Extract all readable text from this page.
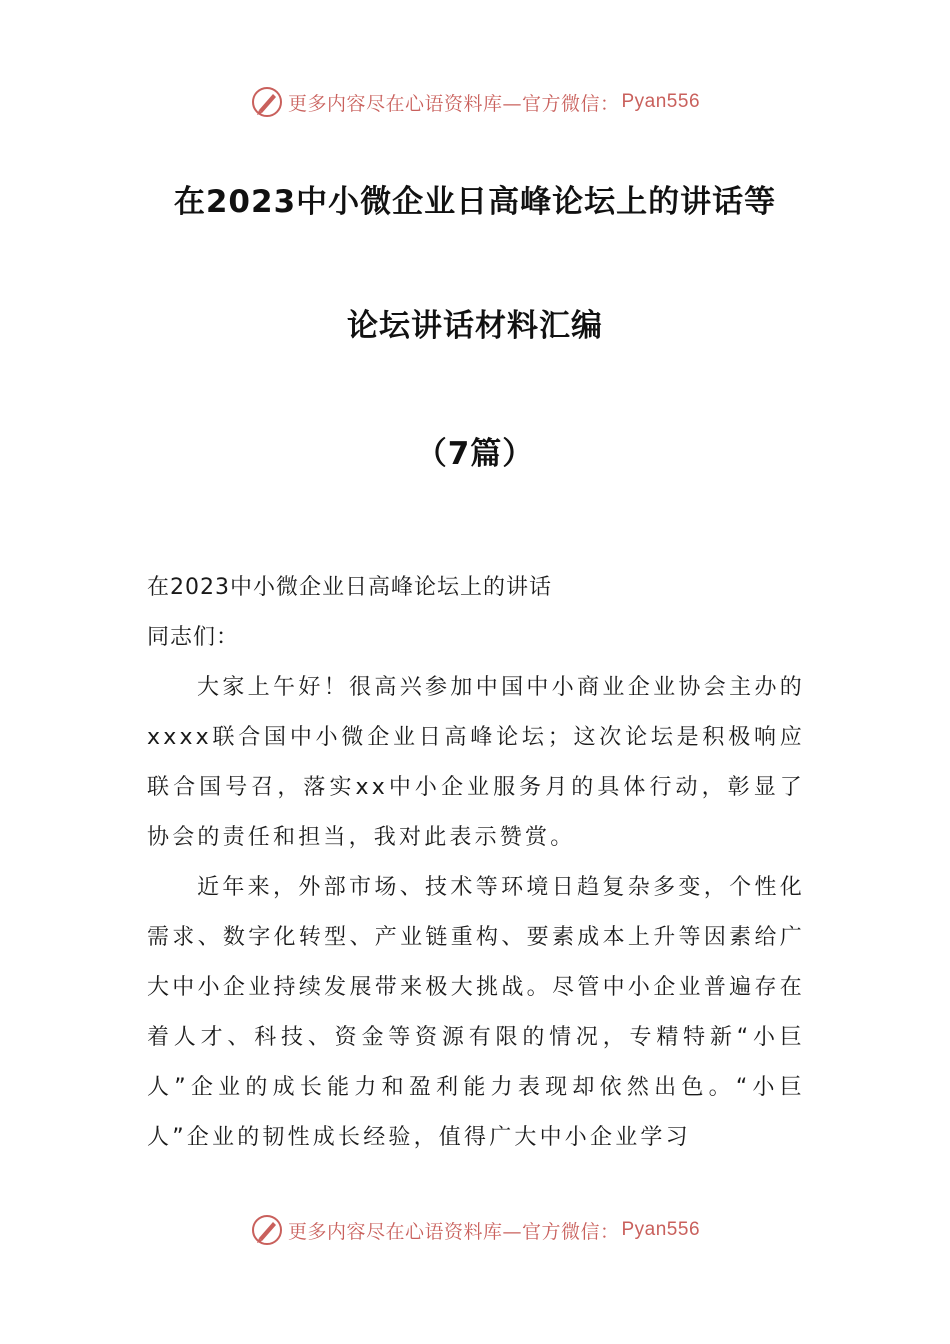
更多内容尽在心语资料库—官方微信： Pyan556
在2023中小微企业日高峰论坛上的讲话等
论坛讲话材料汇编
（7篇）

在2023中小微企业日高峰论坛上的讲话

同志们：

大家上午好！很高兴参加中国中小商业企业协会主办的xxxx联合国中小微企业日高峰论坛；这次论坛是积极响应联合国号召，落实xx中小企业服务月的具体行动，彰显了协会的责任和担当，我对此表示赞赏。

近年来，外部市场、技术等环境日趋复杂多变，个性化需求、数字化转型、产业链重构、要素成本上升等因素给广大中小企业持续发展带来极大挑战。尽管中小企业普遍存在着人才、科技、资金等资源有限的情况，专精特新“小巨人”企业的成长能力和盈利能力表现却依然出色。“小巨人”企业的韧性成长经验，值得广大中小企业学习

更多内容尽在心语资料库—官方微信： Pyan556
